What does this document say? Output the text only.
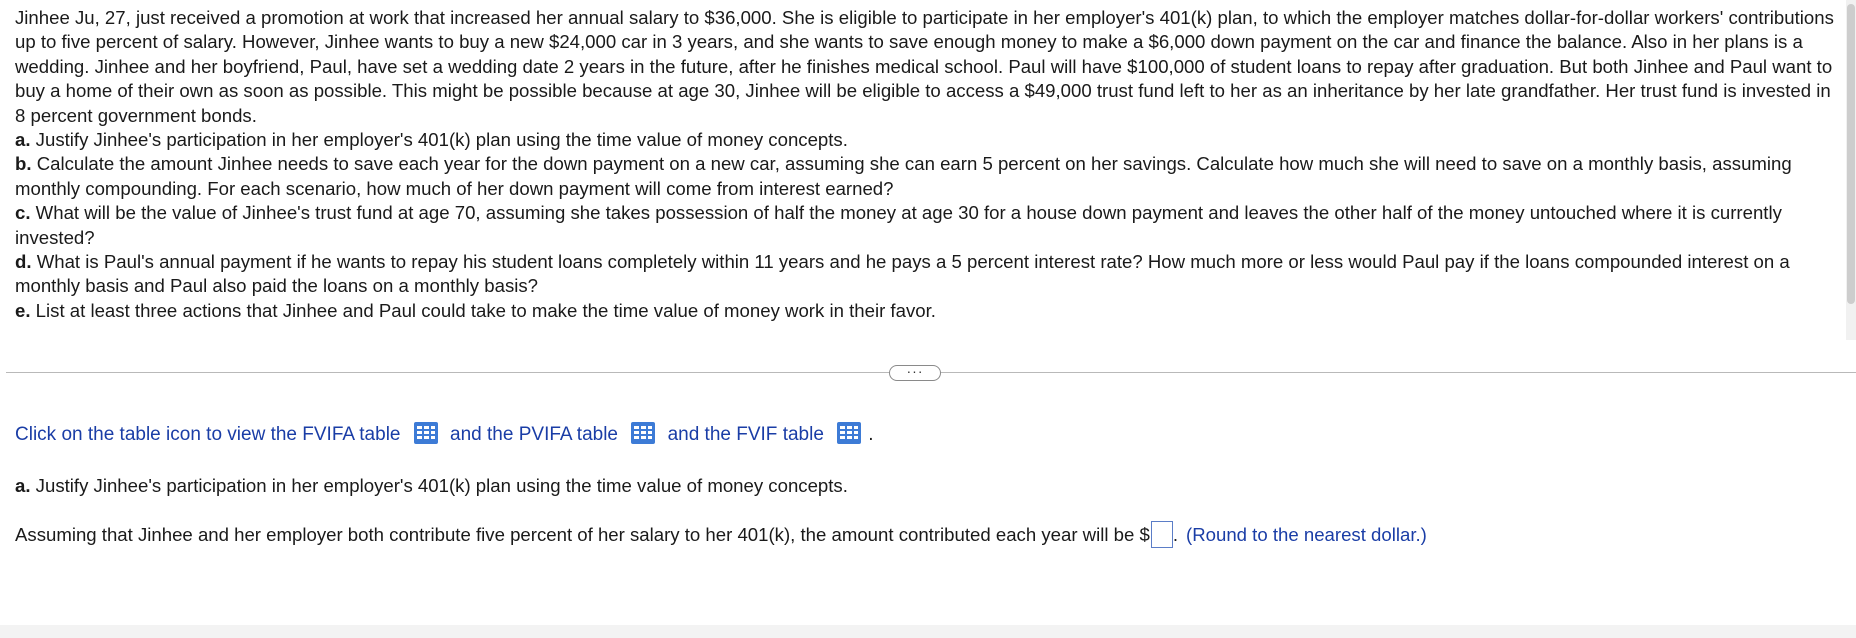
Jinhee Ju, 27, just received a promotion at work that increased her annual salary to $36,000. She is eligible to participate in her employer's 401(k) plan, to which the employer matches dollar-for-dollar workers' contributions up to five percent of salary. However, Jinhee wants to buy a new $24,000 car in 3 years, and she wants to save enough money to make a $6,000 down payment on the car and finance the balance. Also in her plans is a wedding. Jinhee and her boyfriend, Paul, have set a wedding date 2 years in the future, after he finishes medical school. Paul will have $100,000 of student loans to repay after graduation. But both Jinhee and Paul want to buy a home of their own as soon as possible. This might be possible because at age 30, Jinhee will be eligible to access a $49,000 trust fund left to her as an inheritance by her late grandfather. Her trust fund is invested in 8 percent government bonds.

a. Justify Jinhee's participation in her employer's 401(k) plan using the time value of money concepts.

b. Calculate the amount Jinhee needs to save each year for the down payment on a new car, assuming she can earn 5 percent on her savings. Calculate how much she will need to save on a monthly basis, assuming monthly compounding. For each scenario, how much of her down payment will come from interest earned?

c. What will be the value of Jinhee's trust fund at age 70, assuming she takes possession of half the money at age 30 for a house down payment and leaves the other half of the money untouched where it is currently invested?

d. What is Paul's annual payment if he wants to repay his student loans completely within 11 years and he pays a 5 percent interest rate? How much more or less would Paul pay if the loans compounded interest on a monthly basis and Paul also paid the loans on a monthly basis?

e. List at least three actions that Jinhee and Paul could take to make the time value of money work in their favor.

···
Click on the table icon to view the FVIFA table	and the PVIFA table	and the FVIF table .
a. Justify Jinhee's participation in her employer's 401(k) plan using the time value of money concepts.
Assuming that Jinhee and her employer both contribute five percent of her salary to her 401(k), the amount contributed each year will be $ . (Round to the nearest dollar.)
